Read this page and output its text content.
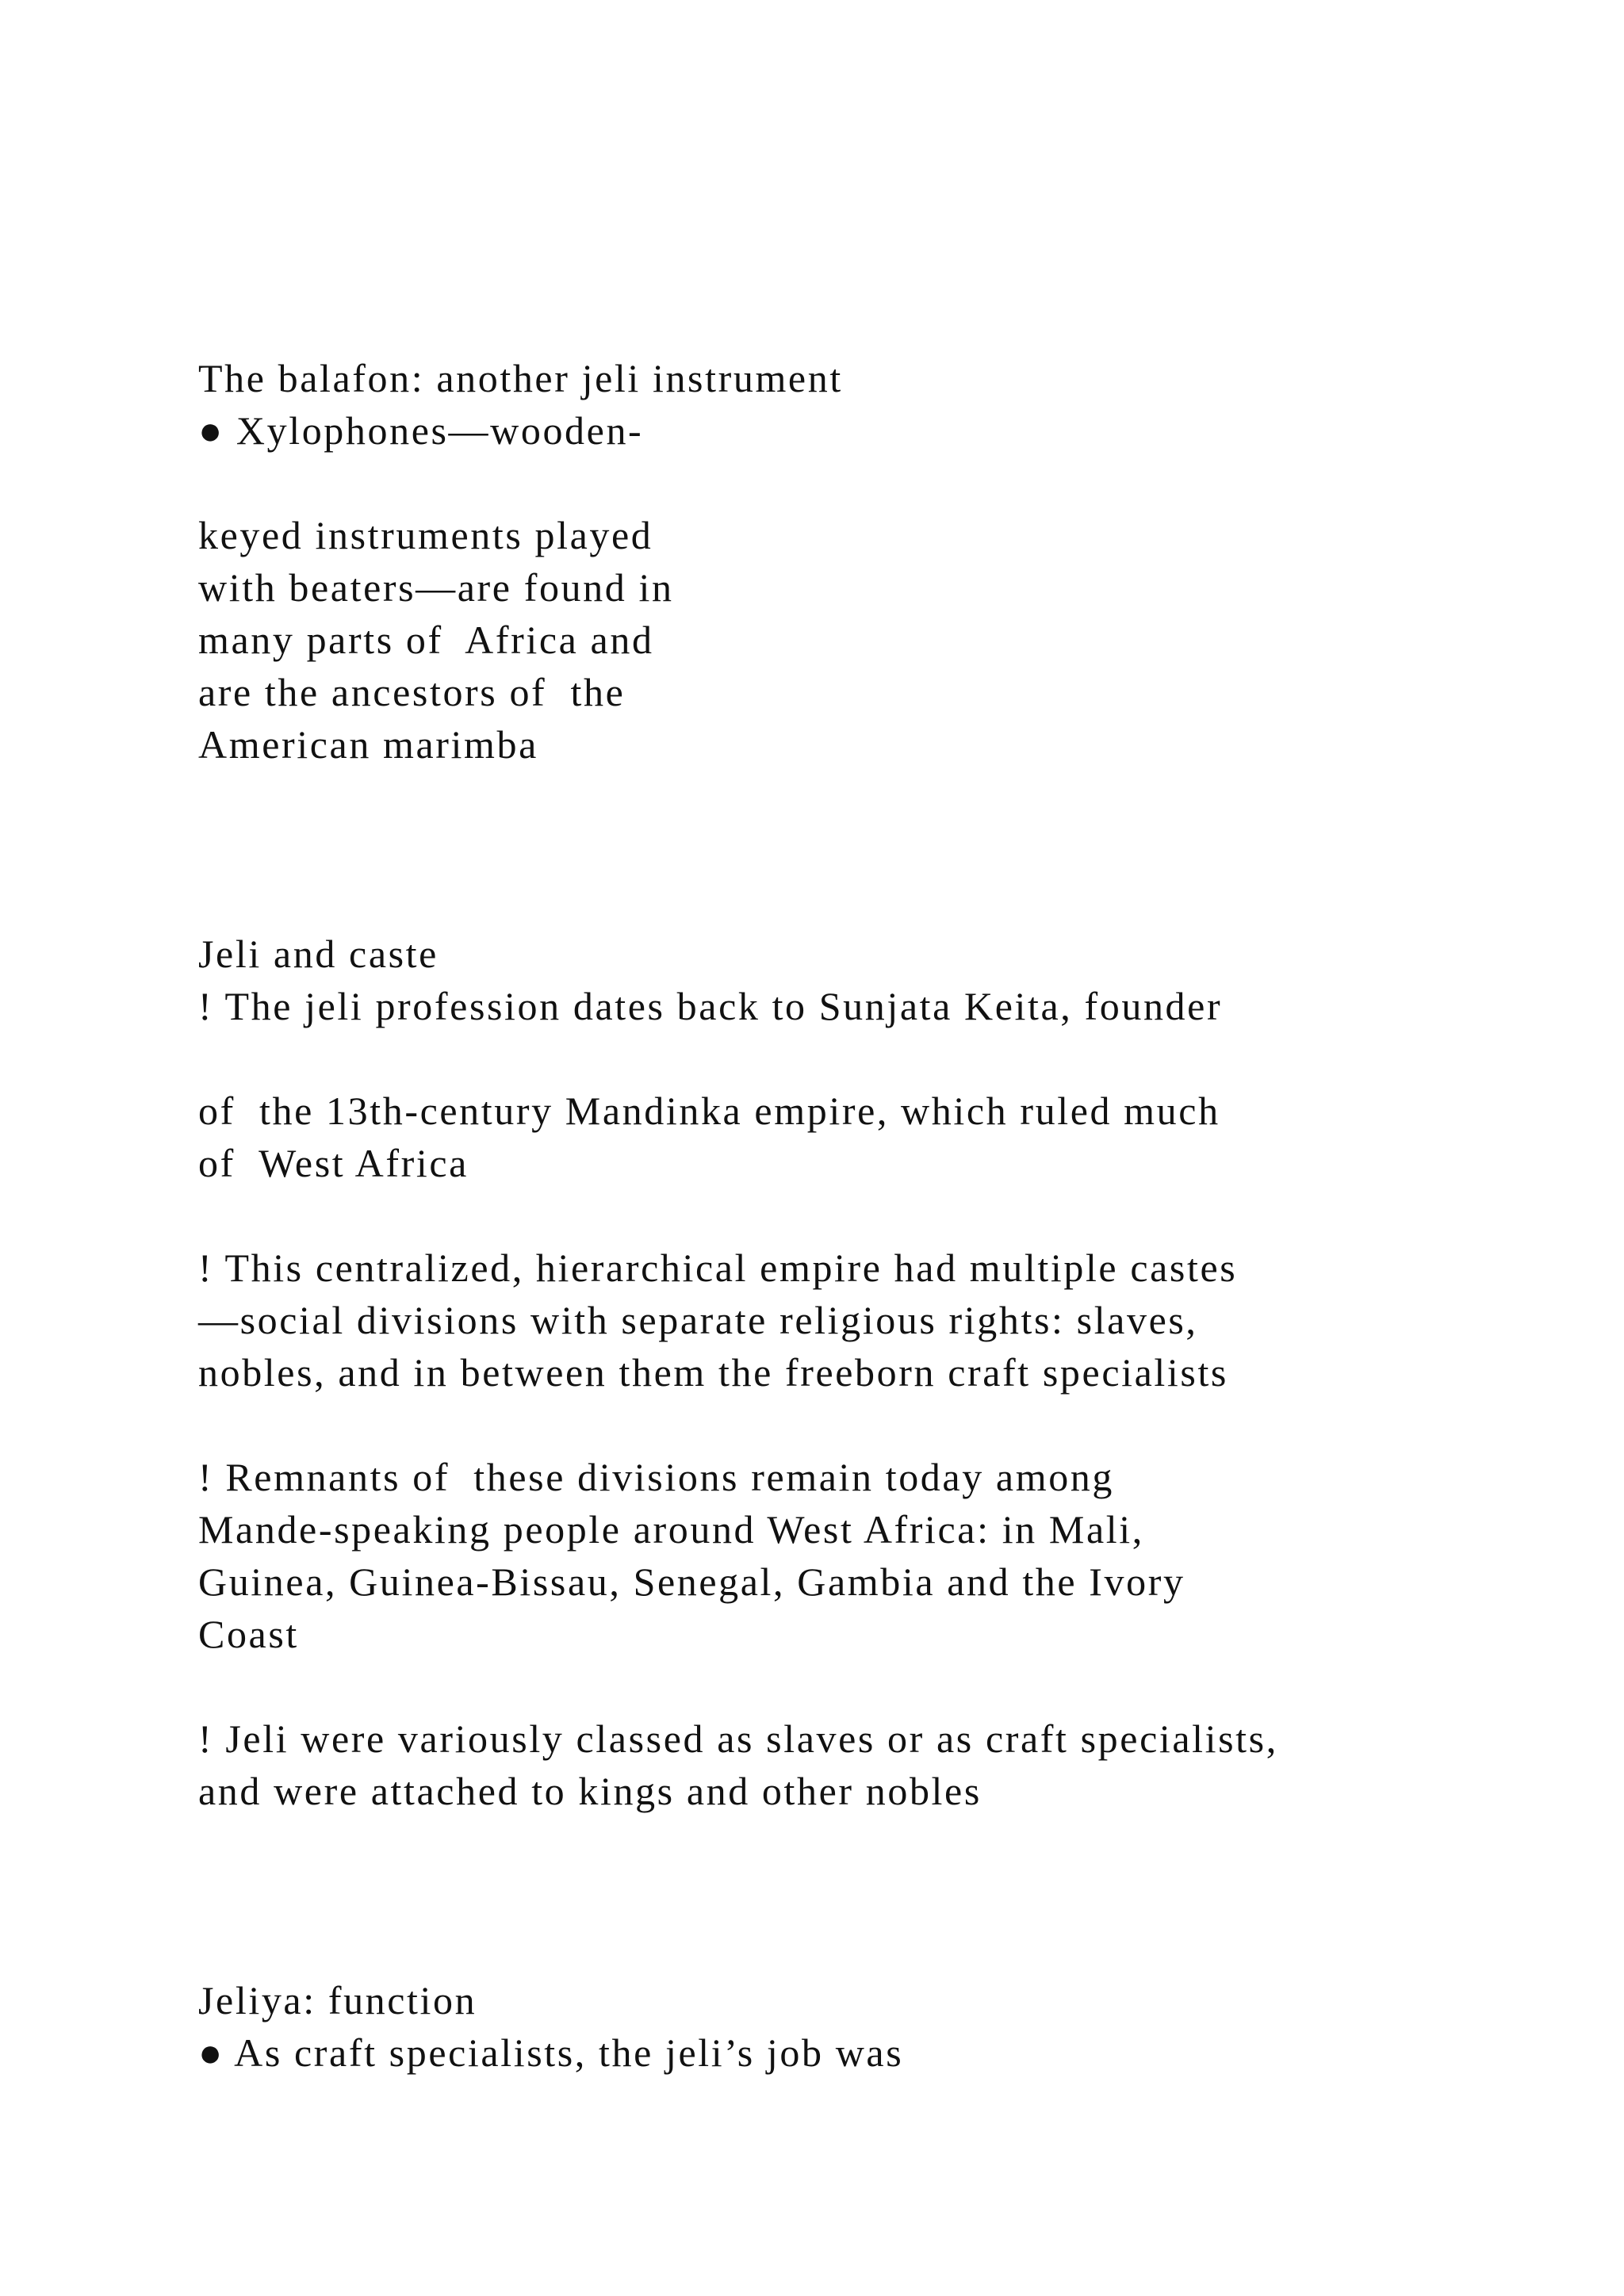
The balafon: another jeli instrument

● Xylophones—wooden-

keyed instruments played

with beaters—are found in

many parts of  Africa and

are the ancestors of  the

American marimba

Jeli and caste

! The jeli profession dates back to Sunjata Keita, founder

of  the 13th-century Mandinka empire, which ruled much

of  West Africa

! This centralized, hierarchical empire had multiple castes

—social divisions with separate religious rights: slaves,

nobles, and in between them the freeborn craft specialists

! Remnants of  these divisions remain today among

Mande-speaking people around West Africa: in Mali,

Guinea, Guinea-Bissau, Senegal, Gambia and the Ivory

Coast

! Jeli were variously classed as slaves or as craft specialists,

and were attached to kings and other nobles

Jeliya: function

● As craft specialists, the jeli’s job was
